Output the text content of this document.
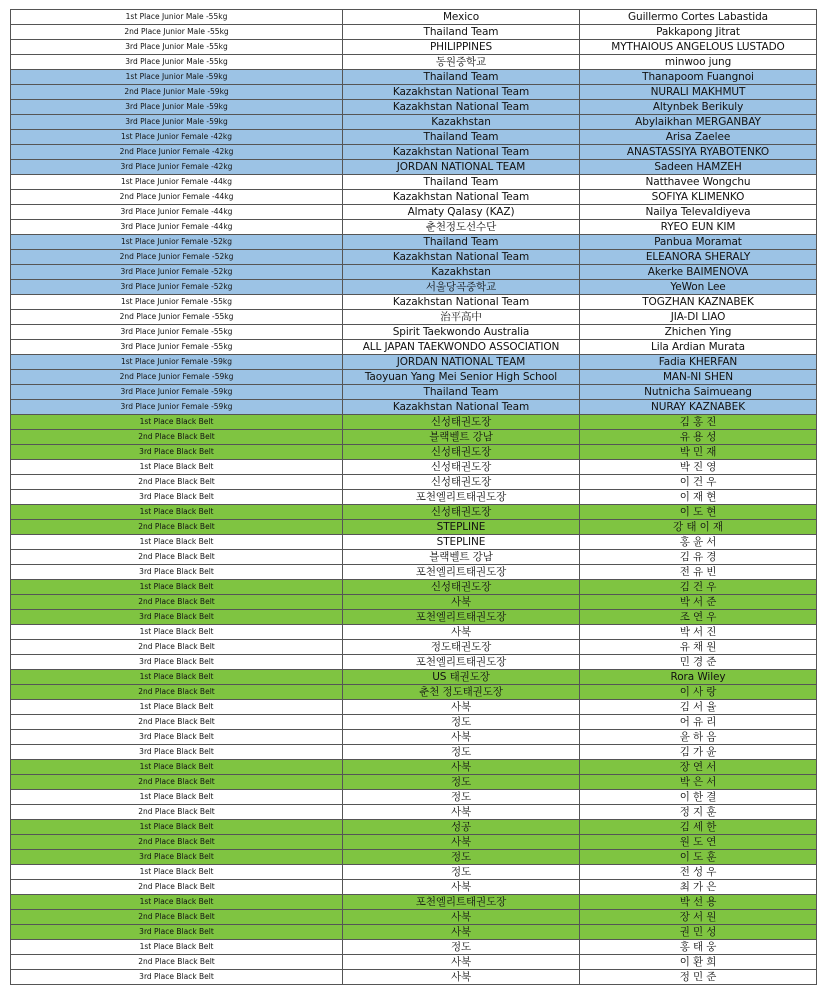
1st Place Junior Male -55kg	Mexico	Guillermo Cortes Labastida
2nd Place Junior Male -55kg	Thailand Team	Pakkapong Jitrat
3rd Place Junior Male -55kg	PHILIPPINES	MYTHAIOUS ANGELOUS LUSTADO
3rd Place Junior Male -55kg	동원중학교	minwoo jung
1st Place Junior Male -59kg	Thailand Team	Thanapoom Fuangnoi
2nd Place Junior Male -59kg	Kazakhstan National Team	NURALI MAKHMUT
3rd Place Junior Male -59kg	Kazakhstan National Team	Altynbek Berikuly
3rd Place Junior Male -59kg	Kazakhstan	Abylaikhan MERGANBAY
1st Place Junior Female -42kg	Thailand Team	Arisa Zaelee
2nd Place Junior Female -42kg	Kazakhstan National Team	ANASTASSIYA RYABOTENKO
3rd Place Junior Female -42kg	JORDAN NATIONAL TEAM	Sadeen HAMZEH
1st Place Junior Female -44kg	Thailand Team	Natthavee Wongchu
2nd Place Junior Female -44kg	Kazakhstan National Team	SOFIYA KLIMENKO
3rd Place Junior Female -44kg	Almaty Qalasy (KAZ)	Nailya Televaldiyeva
3rd Place Junior Female -44kg	춘천정도선수단	RYEO EUN KIM
1st Place Junior Female -52kg	Thailand Team	Panbua Moramat
2nd Place Junior Female -52kg	Kazakhstan National Team	ELEANORA SHERALY
3rd Place Junior Female -52kg	Kazakhstan	Akerke BAIMENOVA
3rd Place Junior Female -52kg	서울당곡중학교	YeWon Lee
1st Place Junior Female -55kg	Kazakhstan National Team	TOGZHAN KAZNABEK
2nd Place Junior Female -55kg	治平高中	JIA-DI LIAO
3rd Place Junior Female -55kg	Spirit Taekwondo Australia	Zhichen Ying
3rd Place Junior Female -55kg	ALL JAPAN TAEKWONDO ASSOCIATION	Lila Ardian Murata
1st Place Junior Female -59kg	JORDAN NATIONAL TEAM	Fadia KHERFAN
2nd Place Junior Female -59kg	Taoyuan Yang Mei Senior High School	MAN-NI SHEN
3rd Place Junior Female -59kg	Thailand Team	Nutnicha Saimueang
3rd Place Junior Female -59kg	Kazakhstan National Team	NURAY KAZNABEK
1st Place Black Belt	신성태권도장	김 홍 진
2nd Place Black Belt	블랙벨트 강남	유 용 성
3rd Place Black Belt	신성태권도장	박 민 재
1st Place Black Belt	신성태권도장	박 진 영
2nd Place Black Belt	신성태권도장	이 건 우
3rd Place Black Belt	포천엘리트태권도장	이 재 현
1st Place Black Belt	신성태권도장	이 도 현
2nd Place Black Belt	STEPLINE	강 태 이 재
1st Place Black Belt	STEPLINE	홍 윤 서
2nd Place Black Belt	블랙벨트 강남	김 유 경
3rd Place Black Belt	포천엘리트태권도장	전 유 빈
1st Place Black Belt	신성태권도장	김 건 우
2nd Place Black Belt	사북	박 서 준
3rd Place Black Belt	포천엘리트태권도장	조 연 우
1st Place Black Belt	사북	박 서 진
2nd Place Black Belt	정도태권도장	유 채 원
3rd Place Black Belt	포천엘리트태권도장	민 경 준
1st Place Black Belt	US 태권도장	Rora Wiley
2nd Place Black Belt	춘천 정도태권도장	이 사 랑
1st Place Black Belt	사북	김 서 율
2nd Place Black Belt	정도	어 유 리
3rd Place Black Belt	사북	윤 하 음
3rd Place Black Belt	정도	김 가 윤
1st Place Black Belt	사북	장 연 서
2nd Place Black Belt	정도	박 은 서
1st Place Black Belt	정도	이 한 결
2nd Place Black Belt	사북	정 지 훈
1st Place Black Belt	성공	김 세 한
2nd Place Black Belt	사북	원 도 연
3rd Place Black Belt	정도	이 도 훈
1st Place Black Belt	정도	전 성 우
2nd Place Black Belt	사북	최 가 은
1st Place Black Belt	포천엘리트태권도장	박 선 용
2nd Place Black Belt	사북	장 서 원
3rd Place Black Belt	사북	권 민 성
1st Place Black Belt	정도	홍 태 웅
2nd Place Black Belt	사북	이 환 희
3rd Place Black Belt	사북	정 민 준
